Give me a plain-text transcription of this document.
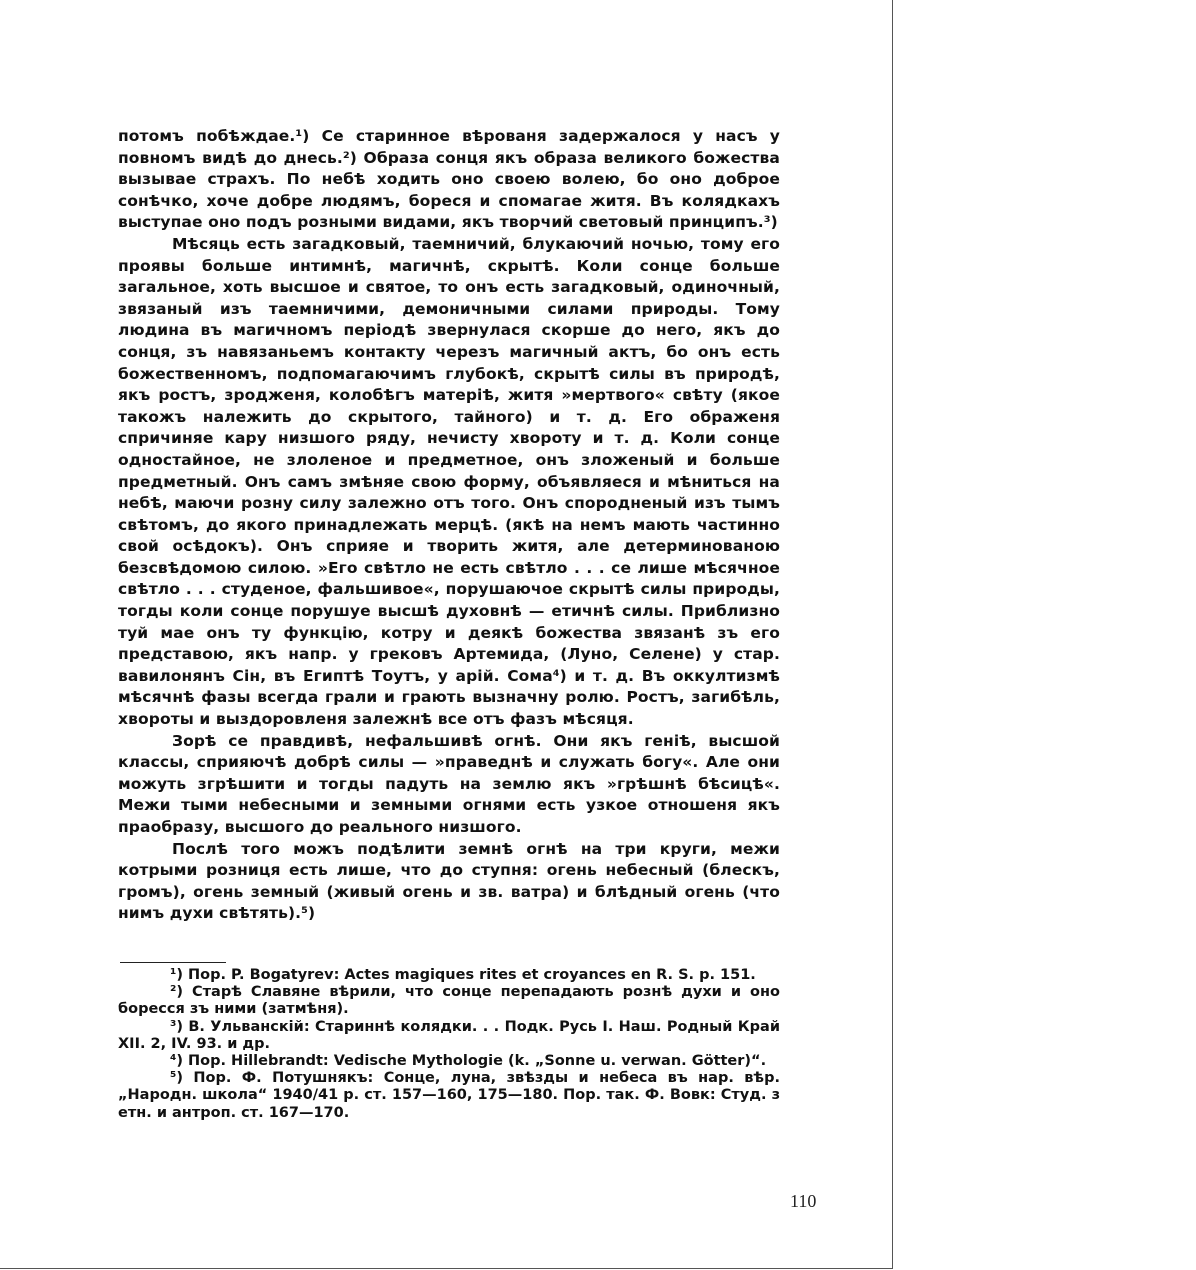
потомъ побѣждае.¹) Се старинное вѣрованя задержалося у насъ у повномъ видѣ до днесь.²) Образа сонця якъ образа великого божества вызывае страхъ. По небѣ ходить оно своею волею, бо оно доброе сонѣчко, хоче добре людямъ, бореся и спомагае житя. Въ колядкахъ выступае оно подъ розными видами, якъ творчий световый принципъ.³)

Мѣсяць есть загадковый, таемничий, блукаючий ночью, тому его проявы больше интимнѣ, магичнѣ, скрытѣ. Коли сонце больше загальное, хоть высшое и святое, то онъ есть загадковый, одиночный, звязаный изъ таемничими, демоничными силами природы. Тому людина въ магичномъ періодѣ звернулася скорше до него, якъ до сонця, зъ навязаньемъ контакту черезъ магичный актъ, бо онъ есть божественномъ, подпомагаючимъ глубокѣ, скрытѣ силы въ природѣ, якъ ростъ, зродженя, колобѣгъ матеріѣ, житя »мертвого« свѣту (якое такожъ належить до скрытого, тайного) и т. д. Его ображеня спричиняе кару низшого ряду, нечисту хвороту и т. д. Коли сонце одностайное, не злоленое и предметное, онъ зложеный и больше предметный. Онъ самъ змѣняе свою форму, объявляеся и мѣниться на небѣ, маючи розну силу залежно отъ того. Онъ спородненый изъ тымъ свѣтомъ, до якого принадлежать мерцѣ. (якѣ на немъ мають частинно свой осѣдокъ). Онъ сприяе и творить житя, але детерминованою безсвѣдомою силою. »Его свѣтло не есть свѣтло . . . се лише мѣсячное свѣтло . . . студеное, фальшивое«, порушаючое скрытѣ силы природы, тогды коли сонце порушуе высшѣ духовнѣ — етичнѣ силы. Приблизно туй мае онъ ту функцію, котру и деякѣ божества звязанѣ зъ его представою, якъ напр. у грековъ Артемида, (Луно, Селене) у стар. вавилонянъ Сін, въ Египтѣ Тоутъ, у арій. Сома⁴) и т. д. Въ оккултизмѣ мѣсячнѣ фазы всегда грали и грають вызначну ролю. Ростъ, загибѣль, хвороты и выздоровленя залежнѣ все отъ фазъ мѣсяця.

Зорѣ се правдивѣ, нефальшивѣ огнѣ. Они якъ геніѣ, высшой классы, сприяючѣ добрѣ силы — »праведнѣ и служать богу«. Але они можуть згрѣшити и тогды падуть на землю якъ »грѣшнѣ бѣсицѣ«. Межи тыми небесными и земными огнями есть узкое отношеня якъ праобразу, высшого до реального низшого.

Послѣ того можъ подѣлити земнѣ огнѣ на три круги, межи котрыми розниця есть лише, что до ступня: огень небесный (блескъ, громъ), огень земный (живый огень и зв. ватра) и блѣдный огень (что нимъ духи свѣтять).⁵)

¹) Пор. P. Bogatyrev: Actes magiques rites et croyances en R. S. p. 151.

²) Старѣ Славяне вѣрили, что сонце перепадають рознѣ духи и оно боресся зъ ними (затмѣня).

³) В. Ульванскій: Стариннѣ колядки. . . Подк. Русь І. Наш. Родный Край XII. 2, IV. 93. и др.

⁴) Пор. Hillebrandt: Vedische Mythologie (k. „Sonne u. verwan. Götter)“.

⁵) Пор. Ф. Потушнякъ: Сонце, луна, звѣзды и небеса въ нар. вѣр. „Народн. школа“ 1940/41 р. ст. 157—160, 175—180. Пор. так. Ф. Вовк: Студ. з етн. и антроп. ст. 167—170.

110
